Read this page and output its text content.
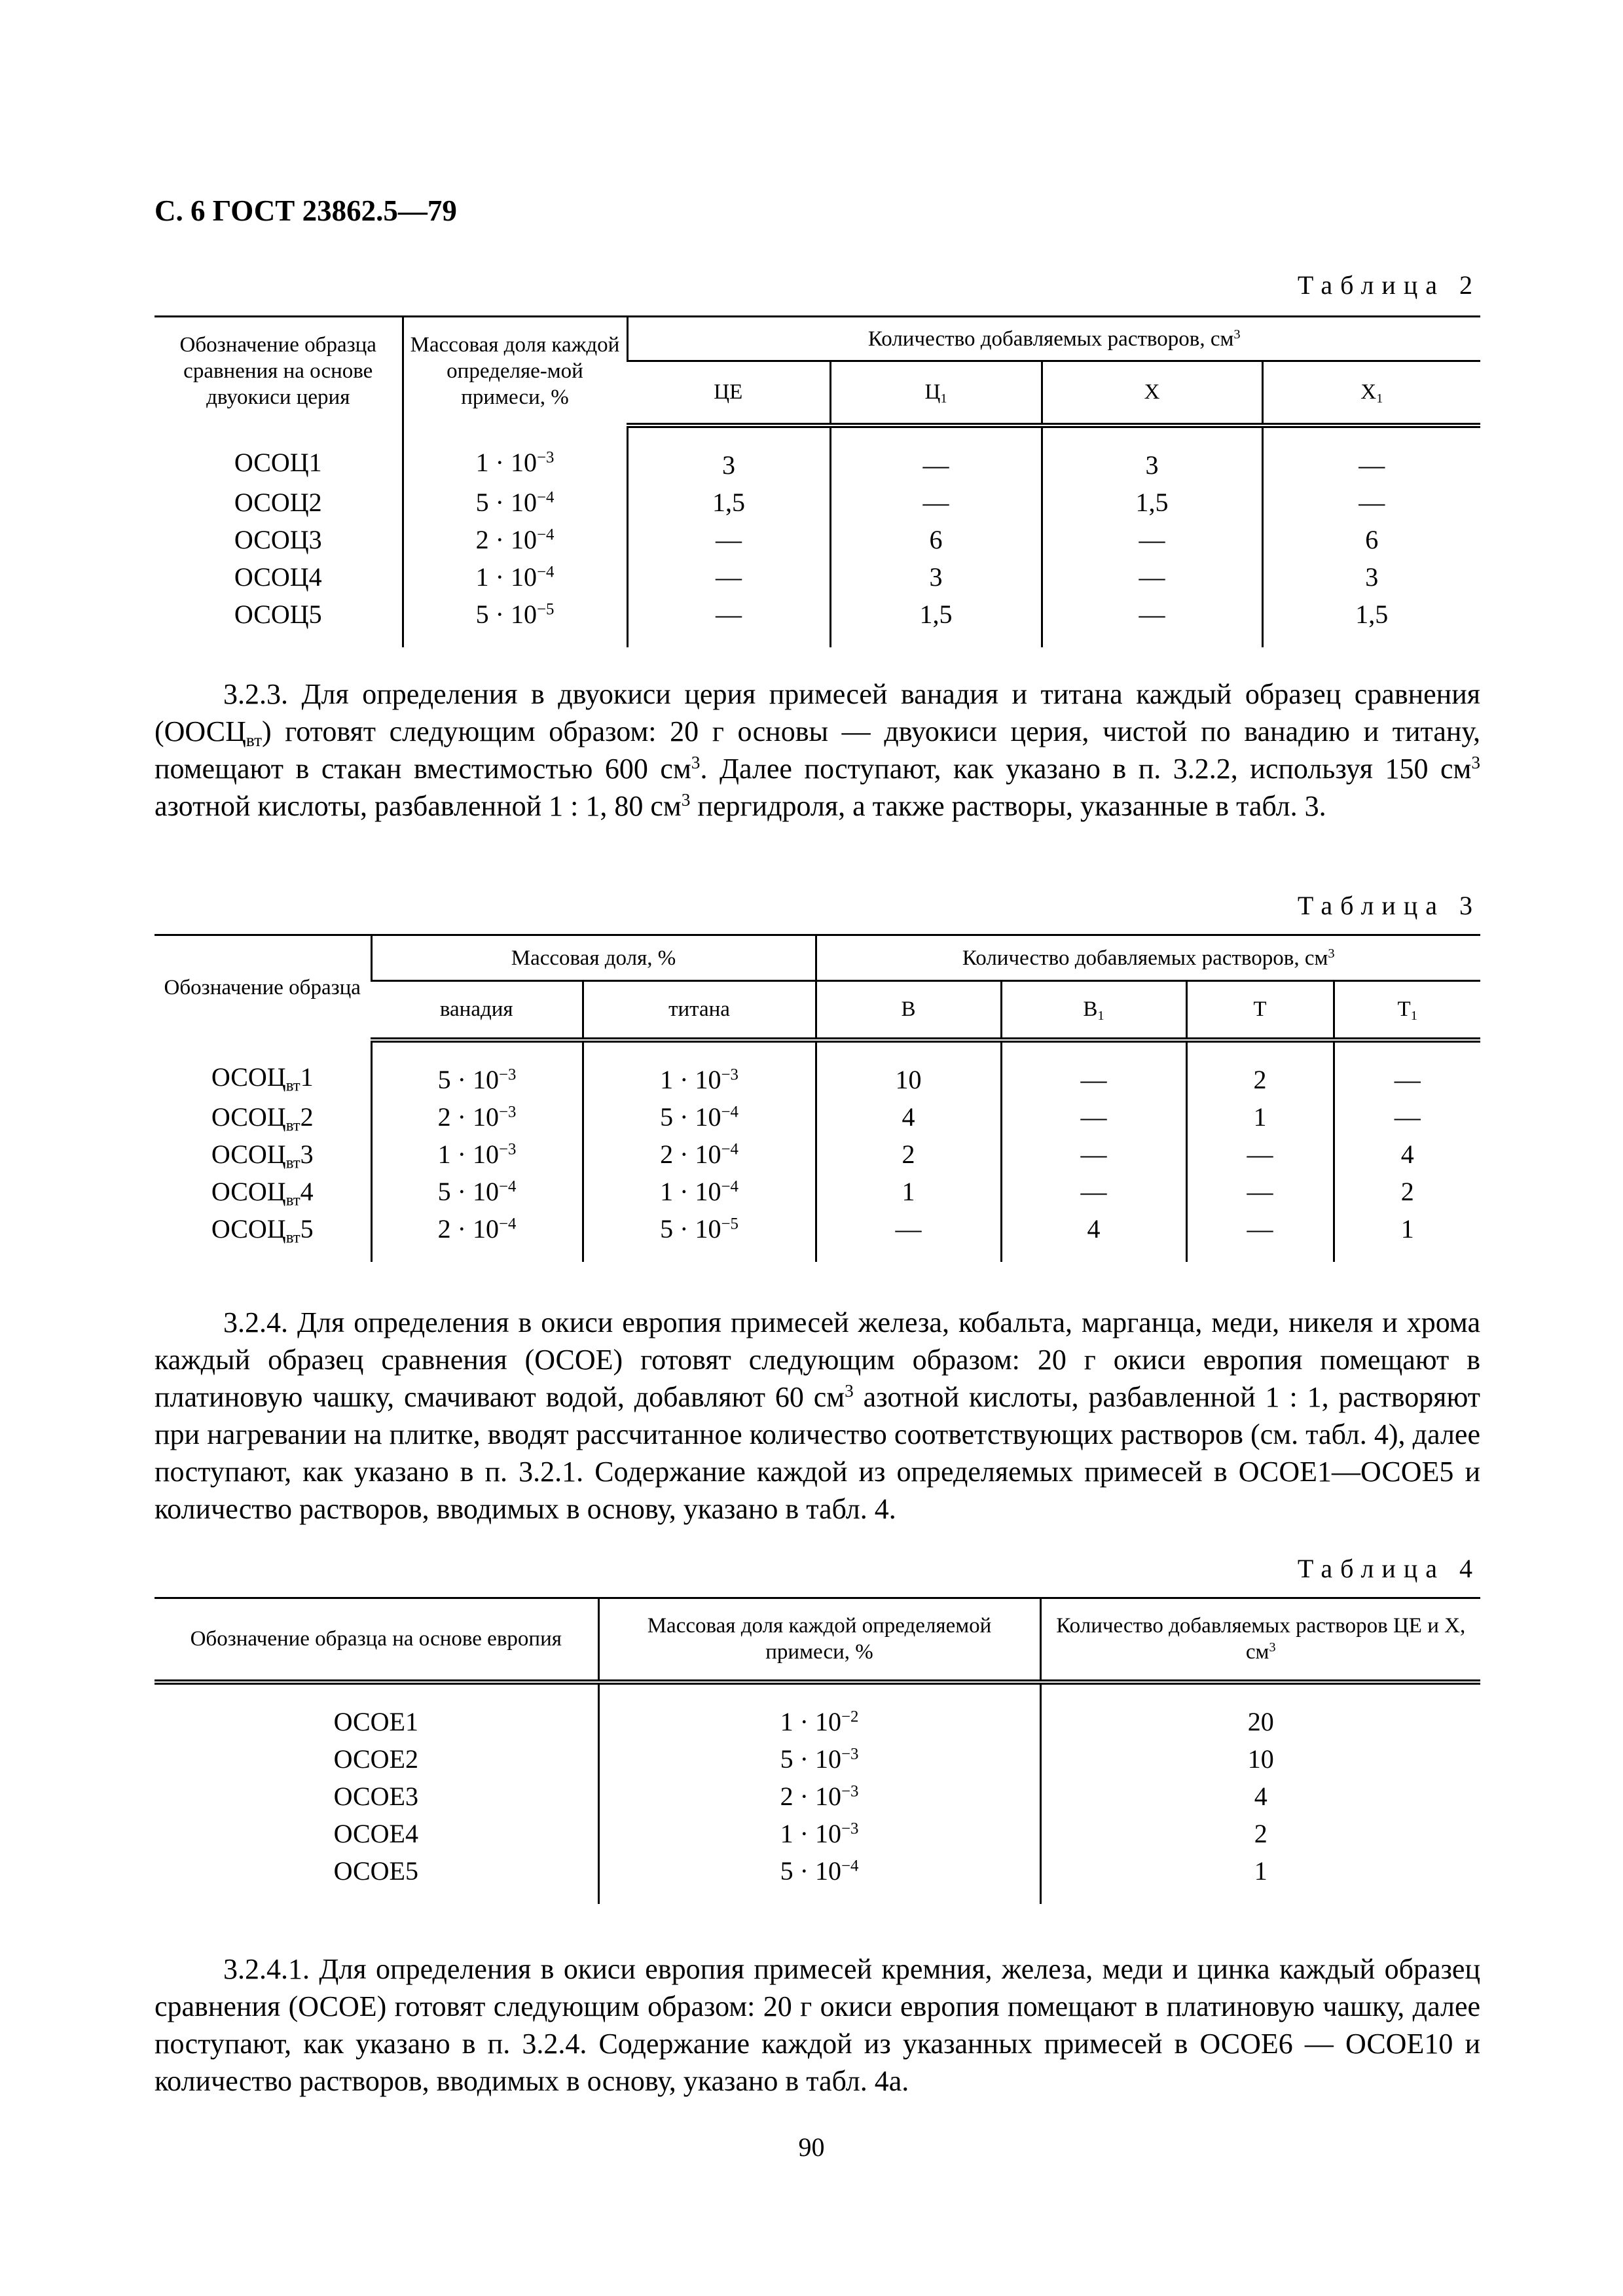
С. 6 ГОСТ 23862.5—79
Таблица 2
Обозначение образца сравнения на основе двуокиси церия	Массовая доля каждой определяе-мой примеси, %	Количество добавляемых растворов, $см^3$
		ЦЕ	$Ц_1$	Х	$Х_1$
ОСОЦ1	$1 \cdot 10^{-3}$	3	—	3	—
ОСОЦ2	$5 \cdot 10^{-4}$	1,5	—	1,5	—
ОСОЦ3	$2 \cdot 10^{-4}$	—	6	—	6
ОСОЦ4	$1 \cdot 10^{-4}$	—	3	—	3
ОСОЦ5	$5 \cdot 10^{-5}$	—	1,5	—	1,5

3.2.3. Для определения в двуокиси церия примесей ванадия и титана каждый образец сравнения $(ООСЦ_{вт})$ готовят следующим образом: 20 г основы — двуокиси церия, чистой по ванадию и титану, помещают в стакан вместимостью 600 $см^3$. Далее поступают, как указано в п. 3.2.2, используя 150 $см^3$ азотной кислоты, разбавленной 1 : 1, 80 $см^3$ пергидроля, а также растворы, указанные в табл. 3.

Таблица 3
Обозначение образца	Массовая доля, %		Количество добавляемых растворов, $см^3$
	ванадия	титана	В	$В_1$	Т	$Т_1$
$ОСОЦ_{вт}1$	$5 \cdot 10^{-3}$	$1 \cdot 10^{-3}$	10	—	2	—
$ОСОЦ_{вт}2$	$2 \cdot 10^{-3}$	$5 \cdot 10^{-4}$	4	—	1	—
$ОСОЦ_{вт}3$	$1 \cdot 10^{-3}$	$2 \cdot 10^{-4}$	2	—	—	4
$ОСОЦ_{вт}4$	$5 \cdot 10^{-4}$	$1 \cdot 10^{-4}$	1	—	—	2
$ОСОЦ_{вт}5$	$2 \cdot 10^{-4}$	$5 \cdot 10^{-5}$	—	4	—	1

3.2.4. Для определения в окиси европия примесей железа, кобальта, марганца, меди, никеля и хрома каждый образец сравнения (ОСОЕ) готовят следующим образом: 20 г окиси европия помещают в платиновую чашку, смачивают водой, добавляют 60 $см^3$ азотной кислоты, разбавленной 1 : 1, растворяют при нагревании на плитке, вводят рассчитанное количество соответствующих растворов (см. табл. 4), далее поступают, как указано в п. 3.2.1. Содержание каждой из определяемых примесей в ОСОЕ1—ОСОЕ5 и количество растворов, вводимых в основу, указано в табл. 4.

Таблица 4
Обозначение образца на основе европия	Массовая доля каждой определяемой примеси, %	Количество добавляемых растворов ЦЕ и Х, $см^3$
ОСОЕ1	$1 \cdot 10^{-2}$	20
ОСОЕ2	$5 \cdot 10^{-3}$	10
ОСОЕ3	$2 \cdot 10^{-3}$	4
ОСОЕ4	$1 \cdot 10^{-3}$	2
ОСОЕ5	$5 \cdot 10^{-4}$	1

3.2.4.1. Для определения в окиси европия примесей кремния, железа, меди и цинка каждый образец сравнения (ОСОЕ) готовят следующим образом: 20 г окиси европия помещают в платиновую чашку, далее поступают, как указано в п. 3.2.4. Содержание каждой из указанных примесей в ОСОЕ6 — ОСОЕ10 и количество растворов, вводимых в основу, указано в табл. 4а.

90
